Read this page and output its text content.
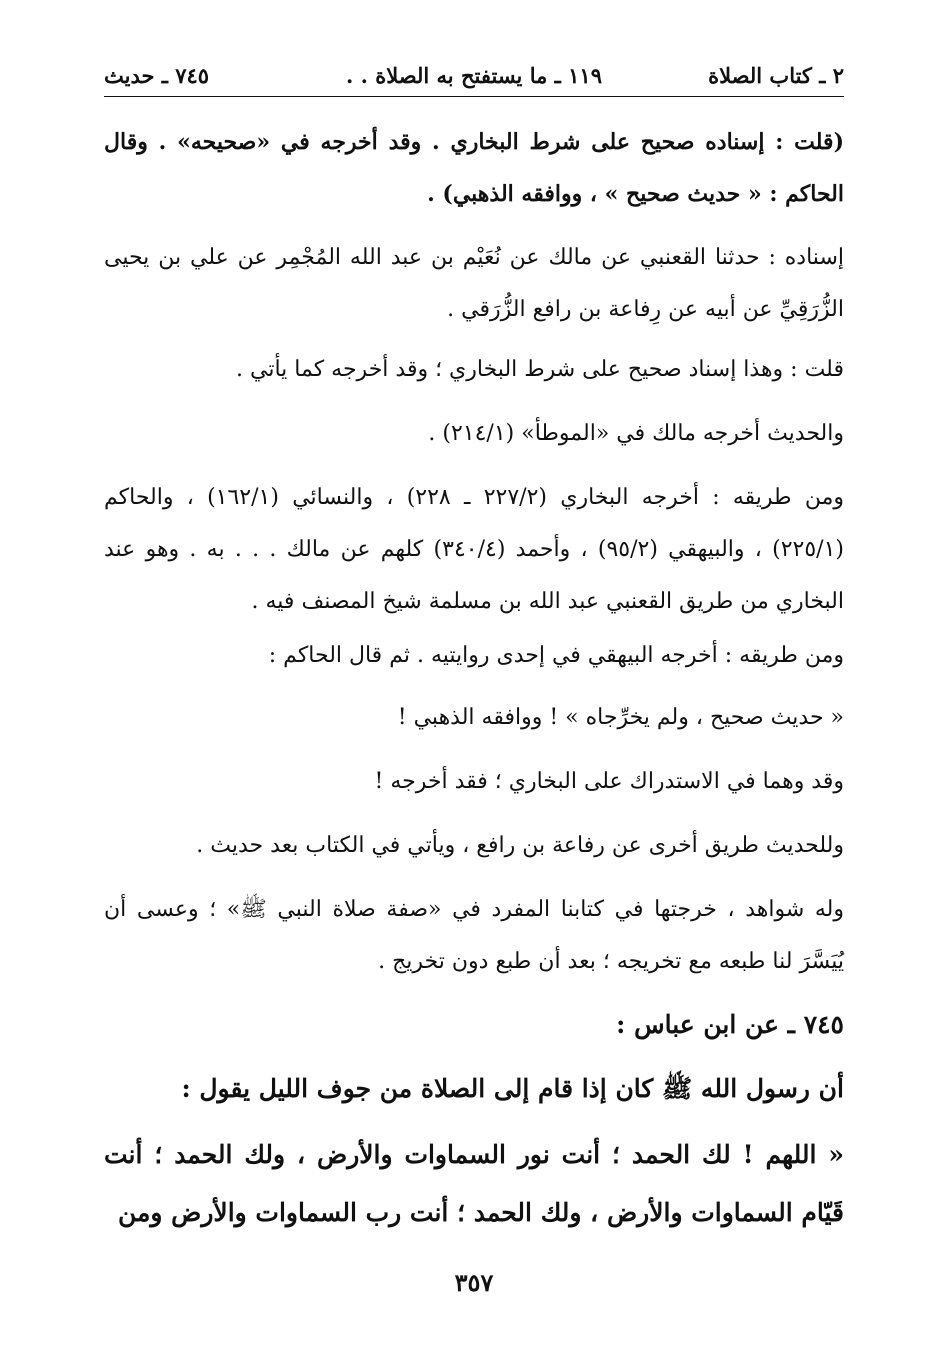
٢ ـ كتاب الصلاة
١١٩ ـ ما يستفتح به الصلاة . .
٧٤٥ ـ حديث

(قلت : إسناده صحيح على شرط البخاري . وقد أخرجه في «صحيحه» . وقال الحاكم : « حديث صحيح » ، ووافقه الذهبي) .

إسناده : حدثنا القعنبي عن مالك عن نُعَيْم بن عبد الله المُجْمِر عن علي بن يحيى الزُّرَقِيِّ عن أبيه عن رِفاعة بن رافع الزُّرَقي .

قلت : وهذا إسناد صحيح على شرط البخاري ؛ وقد أخرجه كما يأتي .

والحديث أخرجه مالك في «الموطأ» (٢١٤/١) .

ومن طريقه : أخرجه البخاري (٢٢٧/٢ ـ ٢٢٨) ، والنسائي (١٦٢/١) ، والحاكم (٢٢٥/١) ، والبيهقي (٩٥/٢) ، وأحمد (٣٤٠/٤) كلهم عن مالك . . . به . وهو عند البخاري من طريق القعنبي عبد الله بن مسلمة شيخ المصنف فيه .

ومن طريقه : أخرجه البيهقي في إحدى روايتيه . ثم قال الحاكم :

« حديث صحيح ، ولم يخرِّجاه » ! ووافقه الذهبي !

وقد وهما في الاستدراك على البخاري ؛ فقد أخرجه !

وللحديث طريق أخرى عن رفاعة بن رافع ، ويأتي في الكتاب بعد حديث .

وله شواهد ، خرجتها في كتابنا المفرد في «صفة صلاة النبي ﷺ» ؛ وعسى أن يُيَسَّرَ لنا طبعه مع تخريجه ؛ بعد أن طبع دون تخريج .

٧٤٥ ـ عن ابن عباس :

أن رسول الله ﷺ كان إذا قام إلى الصلاة من جوف الليل يقول :

« اللهم ! لك الحمد ؛ أنت نور السماوات والأرض ، ولك الحمد ؛ أنت قَيّام السماوات والأرض ، ولك الحمد ؛ أنت رب السماوات والأرض ومن

٣٥٧
